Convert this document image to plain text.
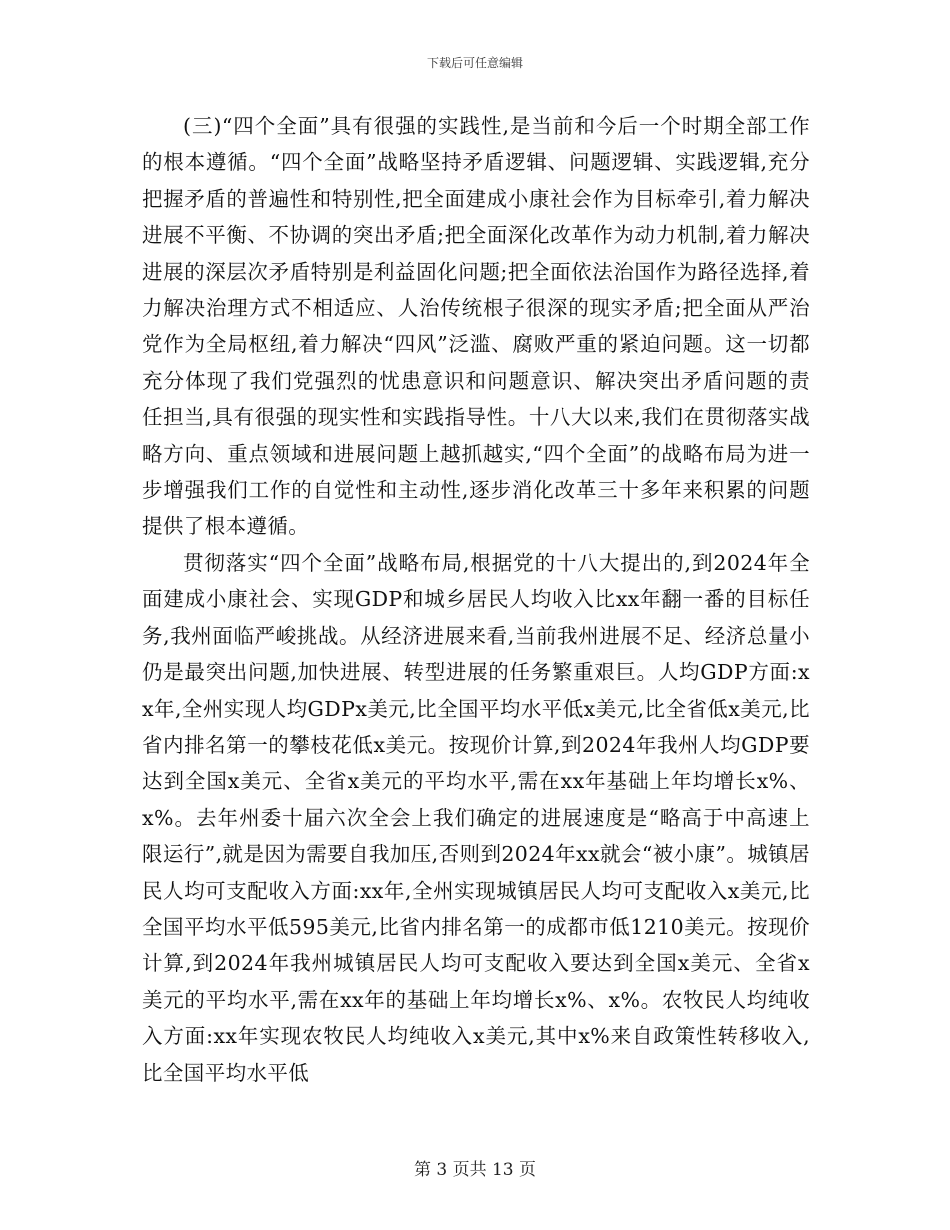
下载后可任意编辑

(三)“四个全面”具有很强的实践性,是当前和今后一个时期全部工作的根本遵循。“四个全面”战略坚持矛盾逻辑、问题逻辑、实践逻辑,充分把握矛盾的普遍性和特别性,把全面建成小康社会作为目标牵引,着力解决进展不平衡、不协调的突出矛盾;把全面深化改革作为动力机制,着力解决进展的深层次矛盾特别是利益固化问题;把全面依法治国作为路径选择,着力解决治理方式不相适应、人治传统根子很深的现实矛盾;把全面从严治党作为全局枢纽,着力解决“四风”泛滥、腐败严重的紧迫问题。这一切都充分体现了我们党强烈的忧患意识和问题意识、解决突出矛盾问题的责任担当,具有很强的现实性和实践指导性。十八大以来,我们在贯彻落实战略方向、重点领域和进展问题上越抓越实,“四个全面”的战略布局为进一步增强我们工作的自觉性和主动性,逐步消化改革三十多年来积累的问题提供了根本遵循。

贯彻落实“四个全面”战略布局,根据党的十八大提出的,到2024年全面建成小康社会、实现GDP和城乡居民人均收入比xx年翻一番的目标任务,我州面临严峻挑战。从经济进展来看,当前我州进展不足、经济总量小仍是最突出问题,加快进展、转型进展的任务繁重艰巨。人均GDP方面:xx年,全州实现人均GDPx美元,比全国平均水平低x美元,比全省低x美元,比省内排名第一的攀枝花低x美元。按现价计算,到2024年我州人均GDP要达到全国x美元、全省x美元的平均水平,需在xx年基础上年均增长x%、x%。去年州委十届六次全会上我们确定的进展速度是“略高于中高速上限运行”,就是因为需要自我加压,否则到2024年xx就会“被小康”。城镇居民人均可支配收入方面:xx年,全州实现城镇居民人均可支配收入x美元,比全国平均水平低595美元,比省内排名第一的成都市低1210美元。按现价计算,到2024年我州城镇居民人均可支配收入要达到全国x美元、全省x美元的平均水平,需在xx年的基础上年均增长x%、x%。农牧民人均纯收入方面:xx年实现农牧民人均纯收入x美元,其中x%来自政策性转移收入,比全国平均水平低

第 3 页共 13 页
